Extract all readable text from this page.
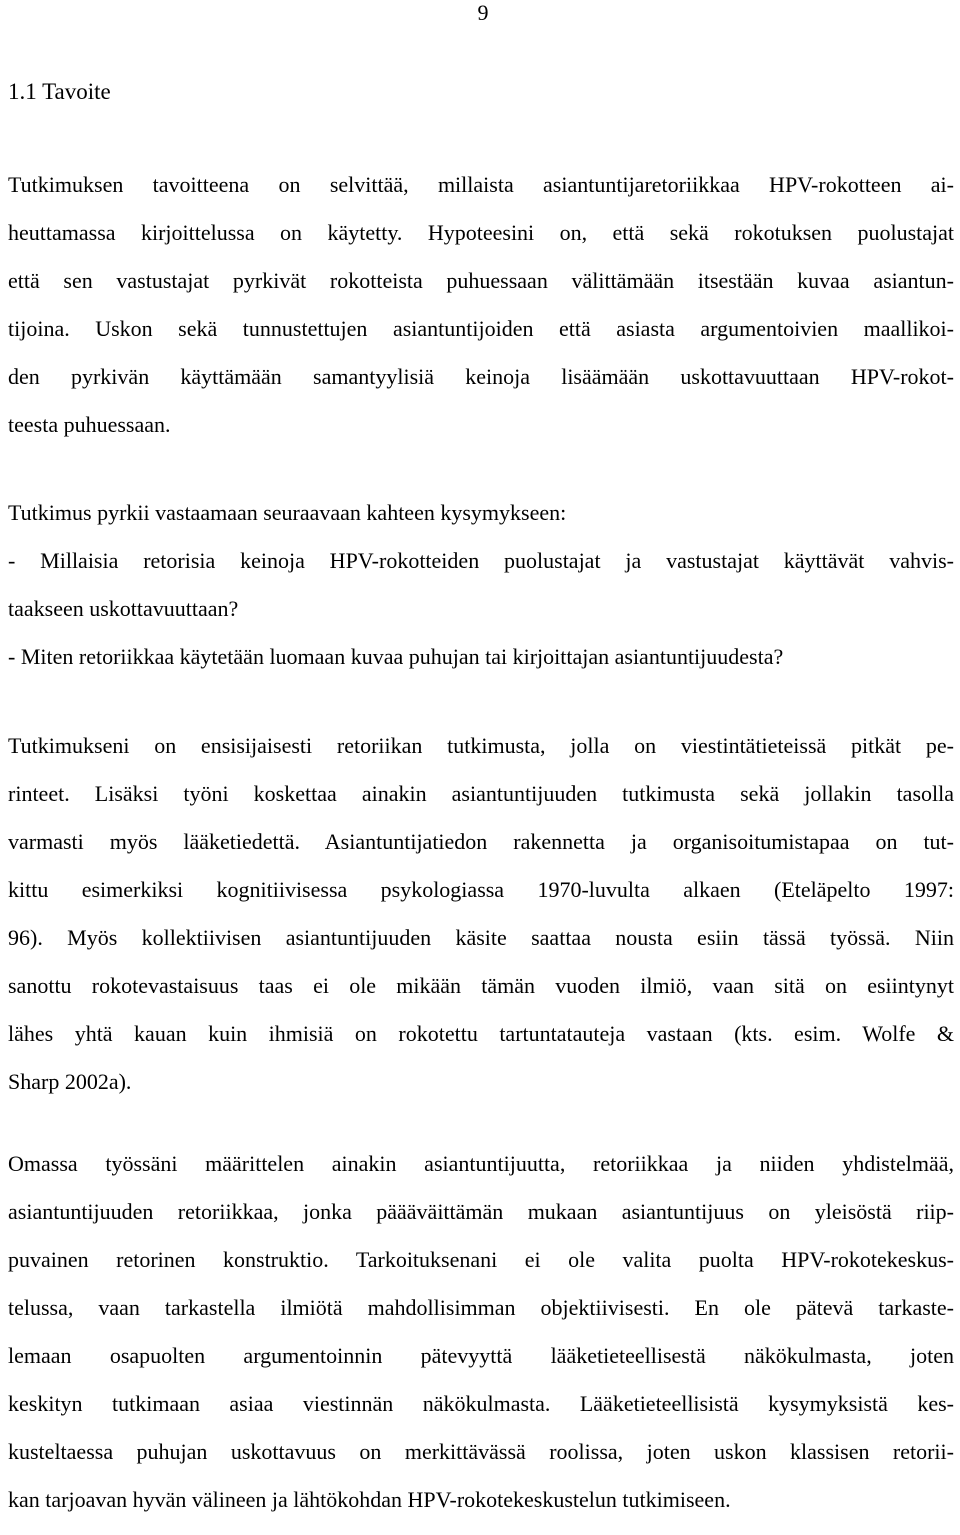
9
1.1 Tavoite
Tutkimuksen tavoitteena on selvittää, millaista asiantuntijaretoriikkaa HPV-rokotteen ai-
heuttamassa kirjoittelussa on käytetty. Hypoteesini on, että sekä rokotuksen puolustajat
että sen vastustajat pyrkivät rokotteista puhuessaan välittämään itsestään kuvaa asiantun-
tijoina. Uskon sekä tunnustettujen asiantuntijoiden että asiasta argumentoivien maallikoi-
den pyrkivän käyttämään samantyylisiä keinoja lisäämään uskottavuuttaan HPV-rokot-
teesta puhuessaan.
Tutkimus pyrkii vastaamaan seuraavaan kahteen kysymykseen:
- Millaisia retorisia keinoja HPV-rokotteiden puolustajat ja vastustajat käyttävät vahvis-
taakseen uskottavuuttaan?
- Miten retoriikkaa käytetään luomaan kuvaa puhujan tai kirjoittajan asiantuntijuudesta?
Tutkimukseni on ensisijaisesti retoriikan tutkimusta, jolla on viestintätieteissä pitkät pe-
rinteet. Lisäksi työni koskettaa ainakin asiantuntijuuden tutkimusta sekä jollakin tasolla
varmasti myös lääketiedettä. Asiantuntijatiedon rakennetta ja organisoitumistapaa on tut-
kittu esimerkiksi kognitiivisessa psykologiassa 1970-luvulta alkaen (Eteläpelto 1997:
96). Myös kollektiivisen asiantuntijuuden käsite saattaa nousta esiin tässä työssä. Niin
sanottu rokotevastaisuus taas ei ole mikään tämän vuoden ilmiö, vaan sitä on esiintynyt
lähes yhtä kauan kuin ihmisiä on rokotettu tartuntatauteja vastaan (kts. esim. Wolfe &
Sharp 2002a).
Omassa työssäni määrittelen ainakin asiantuntijuutta, retoriikkaa ja niiden yhdistelmää,
asiantuntijuuden retoriikkaa, jonka päääväittämän mukaan asiantuntijuus on yleisöstä riip-
puvainen retorinen konstruktio. Tarkoituksenani ei ole valita puolta HPV-rokotekeskus-
telussa, vaan tarkastella ilmiötä mahdollisimman objektiivisesti. En ole pätevä tarkaste-
lemaan osapuolten argumentoinnin pätevyyttä lääketieteellisestä näkökulmasta, joten
keskityn tutkimaan asiaa viestinnän näkökulmasta. Lääketieteellisistä kysymyksistä kes-
kusteltaessa puhujan uskottavuus on merkittävässä roolissa, joten uskon klassisen retorii-
kan tarjoavan hyvän välineen ja lähtökohdan HPV-rokotekeskustelun tutkimiseen.
